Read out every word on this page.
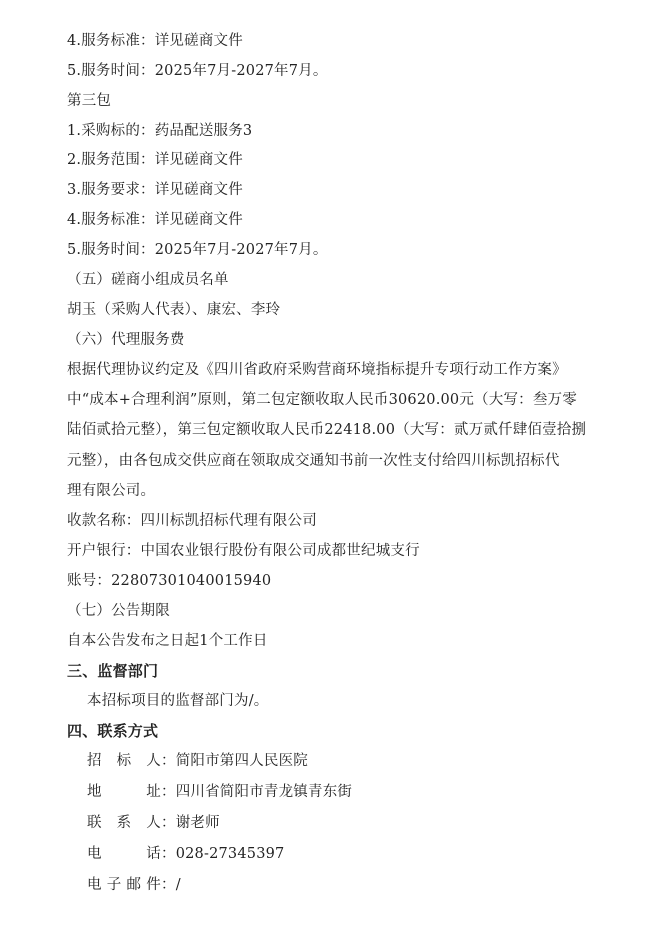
4.服务标准：详见磋商文件
5.服务时间：2025年7月-2027年7月。
第三包
1.采购标的：药品配送服务3
2.服务范围：详见磋商文件
3.服务要求：详见磋商文件
4.服务标准：详见磋商文件
5.服务时间：2025年7月-2027年7月。
（五）磋商小组成员名单
胡玉（采购人代表）、康宏、李玲
（六）代理服务费
根据代理协议约定及《四川省政府采购营商环境指标提升专项行动工作方案》
中“成本+合理利润”原则，第二包定额收取人民币30620.00元（大写：叁万零
陆佰贰拾元整），第三包定额收取人民币22418.00（大写：贰万贰仟肆佰壹拾捌
元整），由各包成交供应商在领取成交通知书前一次性支付给四川标凯招标代
理有限公司。
收款名称：四川标凯招标代理有限公司
开户银行：中国农业银行股份有限公司成都世纪城支行
账号：22807301040015940
（七）公告期限
自本公告发布之日起1个工作日
三、监督部门
本招标项目的监督部门为/。
四、联系方式
招 标 人：简阳市第四人民医院
地 址：四川省简阳市青龙镇青东街
联 系 人：谢老师
电 话：028-27345397
电子邮件：/
